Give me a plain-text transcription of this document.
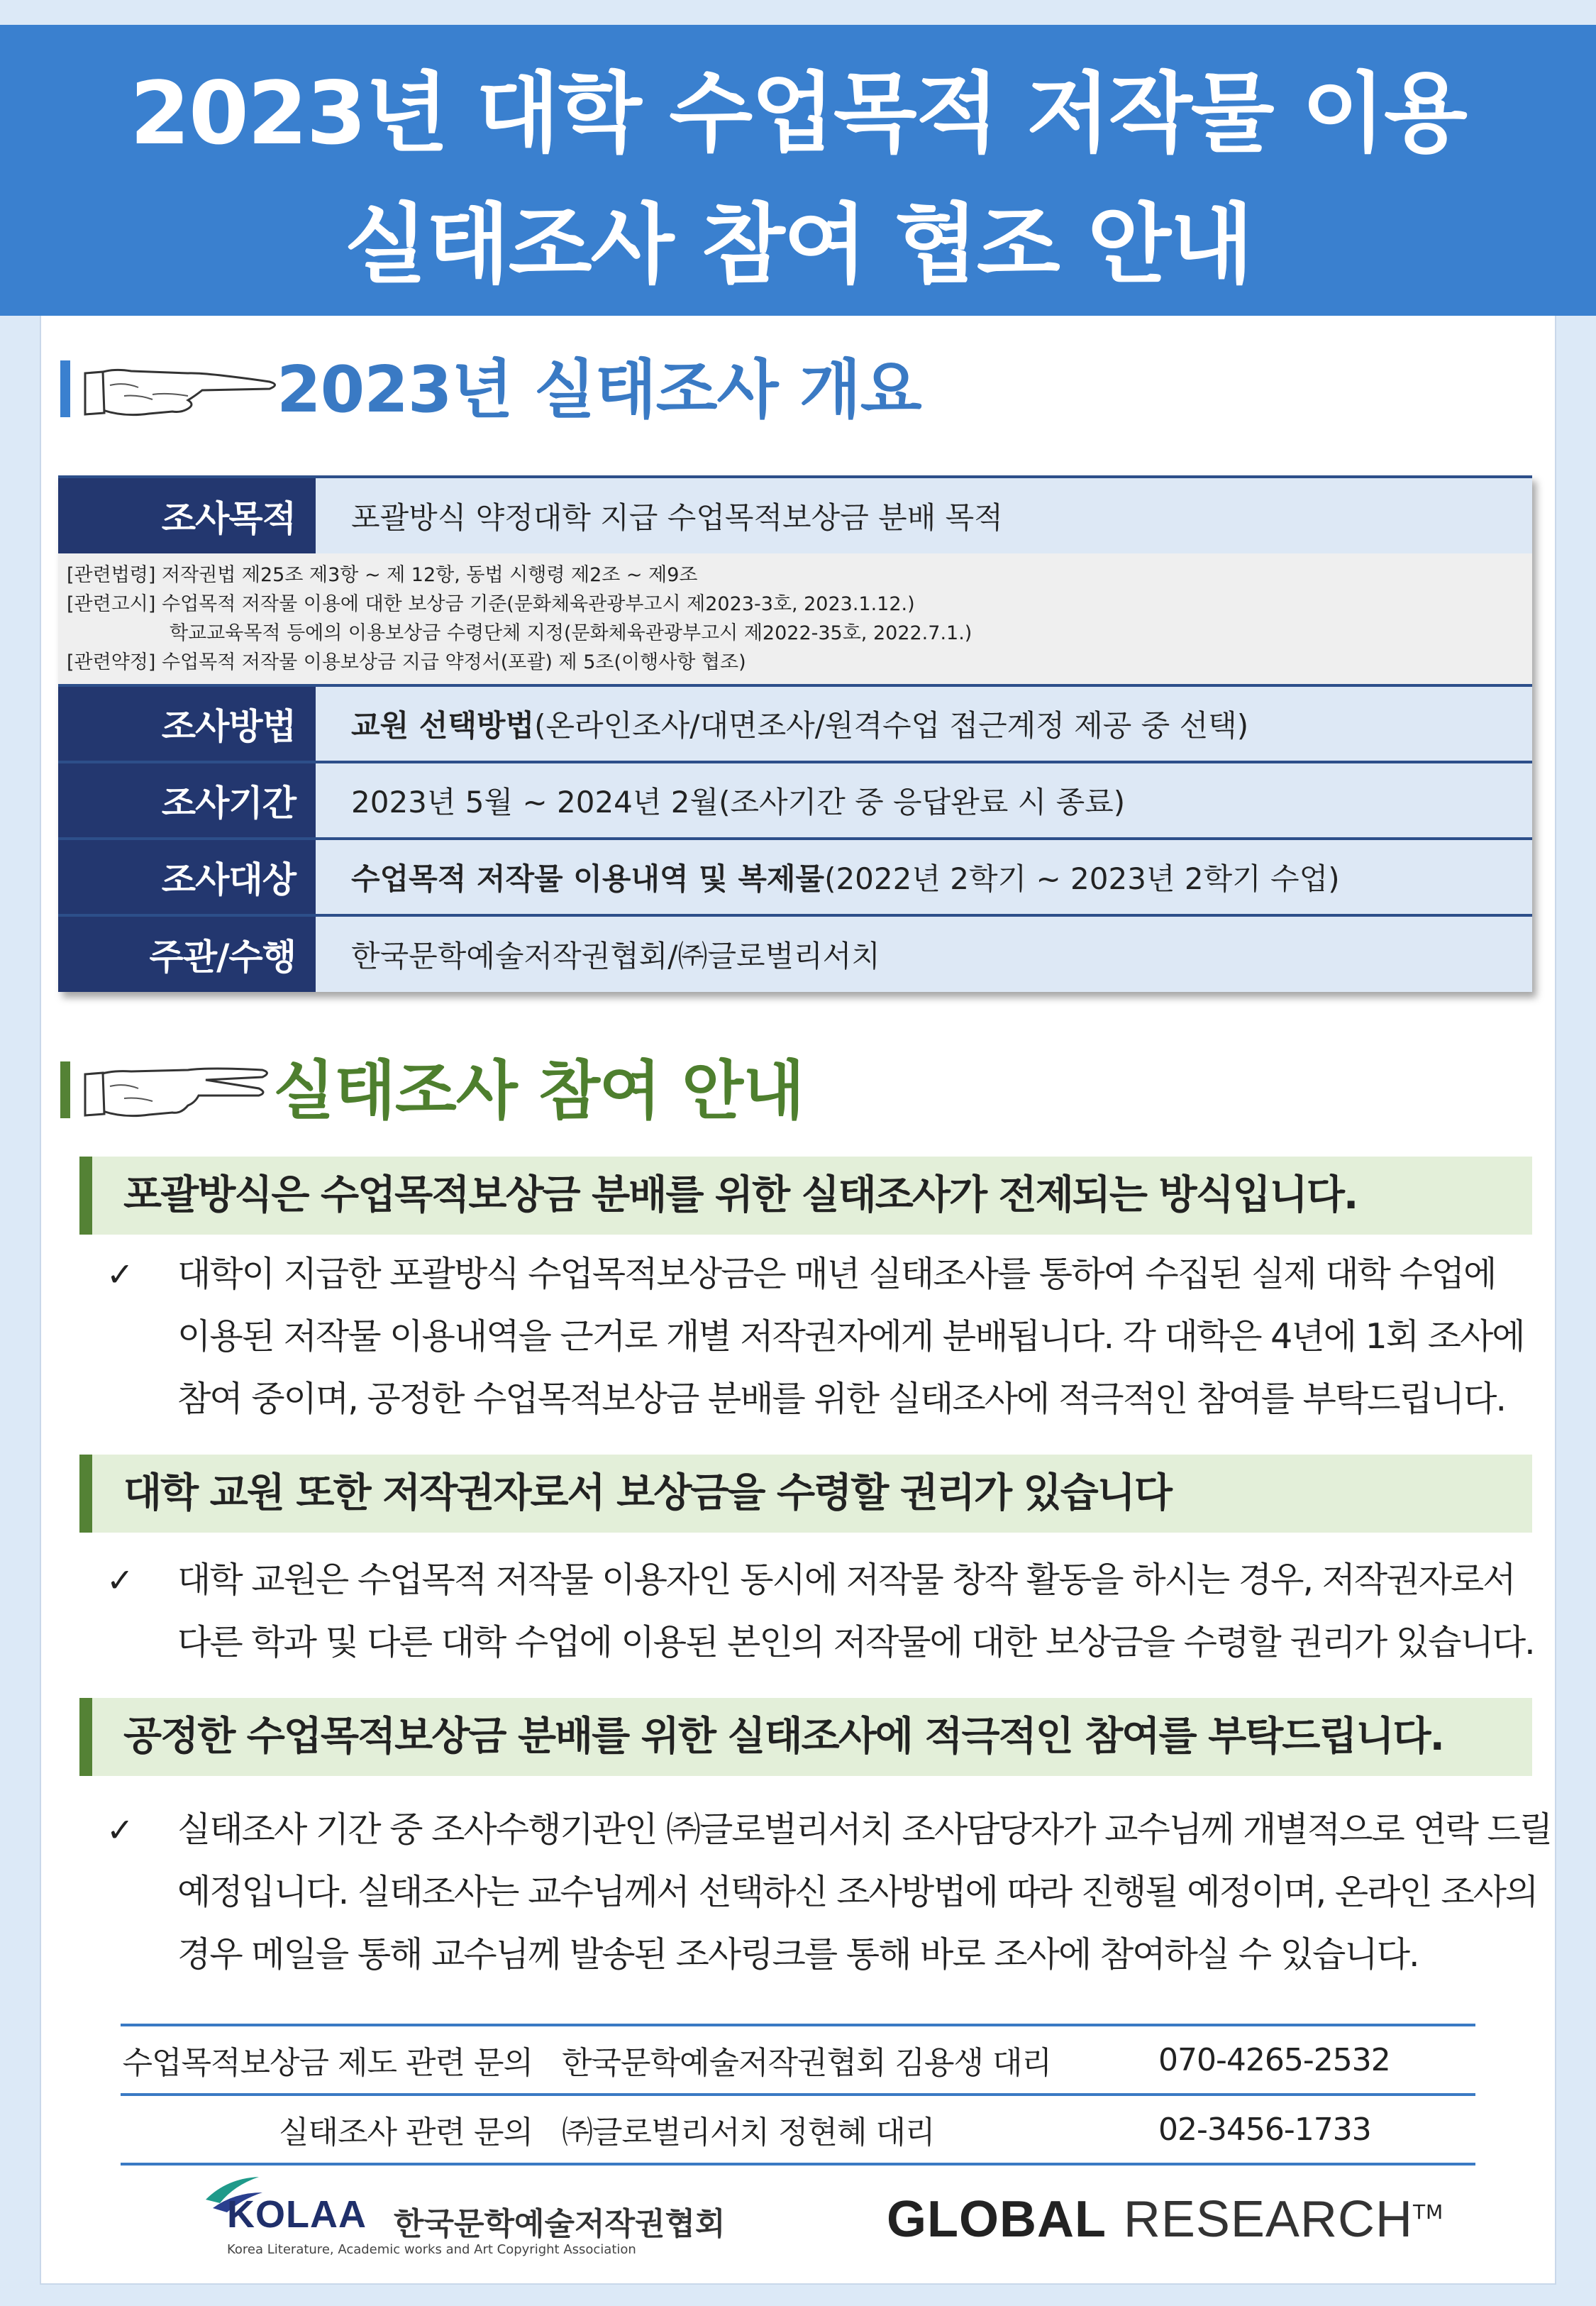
2023년 대학 수업목적 저작물 이용
실태조사 참여 협조 안내
2023년 실태조사 개요
조사목적	포괄방식 약정대학 지급 수업목적보상금 분배 목적

[관련법령] 저작권법 제25조 제3항 ~ 제 12항, 동법 시행령 제2조 ~ 제9조
[관련고시] 수업목적 저작물 이용에 대한 보상금 기준(문화체육관광부고시 제2023-3호, 2023.1.12.)
학교교육목적 등에의 이용보상금 수령단체 지정(문화체육관광부고시 제2022-35호, 2022.7.1.)
[관련약정] 수업목적 저작물 이용보상금 지급 약정서(포괄) 제 5조(이행사항 협조)	

조사방법	교원 선택방법(온라인조사/대면조사/원격수업 접근계정 제공 중 선택)
조사기간	2023년 5월 ~ 2024년 2월(조사기간 중 응답완료 시 종료)
조사대상	수업목적 저작물 이용내역 및 복제물(2022년 2학기 ~ 2023년 2학기 수업)
주관/수행	한국문학예술저작권협회/㈜글로벌리서치
실태조사 참여 안내
포괄방식은 수업목적보상금 분배를 위한 실태조사가 전제되는 방식입니다.
✓ 대학이 지급한 포괄방식 수업목적보상금은 매년 실태조사를 통하여 수집된 실제 대학 수업에
이용된 저작물 이용내역을 근거로 개별 저작권자에게 분배됩니다. 각 대학은 4년에 1회 조사에
참여 중이며, 공정한 수업목적보상금 분배를 위한 실태조사에 적극적인 참여를 부탁드립니다.
대학 교원 또한 저작권자로서 보상금을 수령할 권리가 있습니다
✓ 대학 교원은 수업목적 저작물 이용자인 동시에 저작물 창작 활동을 하시는 경우, 저작권자로서
다른 학과 및 다른 대학 수업에 이용된 본인의 저작물에 대한 보상금을 수령할 권리가 있습니다.
공정한 수업목적보상금 분배를 위한 실태조사에 적극적인 참여를 부탁드립니다.
✓ 실태조사 기간 중 조사수행기관인 ㈜글로벌리서치 조사담당자가 교수님께 개별적으로 연락 드릴
예정입니다. 실태조사는 교수님께서 선택하신 조사방법에 따라 진행될 예정이며, 온라인 조사의
경우 메일을 통해 교수님께 발송된 조사링크를 통해 바로 조사에 참여하실 수 있습니다.
수업목적보상금 제도 관련 문의	한국문학예술저작권협회 김용생 대리	070-4265-2532
실태조사 관련 문의	㈜글로벌리서치 정현혜 대리	02-3456-1733
KOLAA 한국문학예술저작권협회
Korea Literature, Academic works and Art Copyright Association
GLOBAL RESEARCH™
